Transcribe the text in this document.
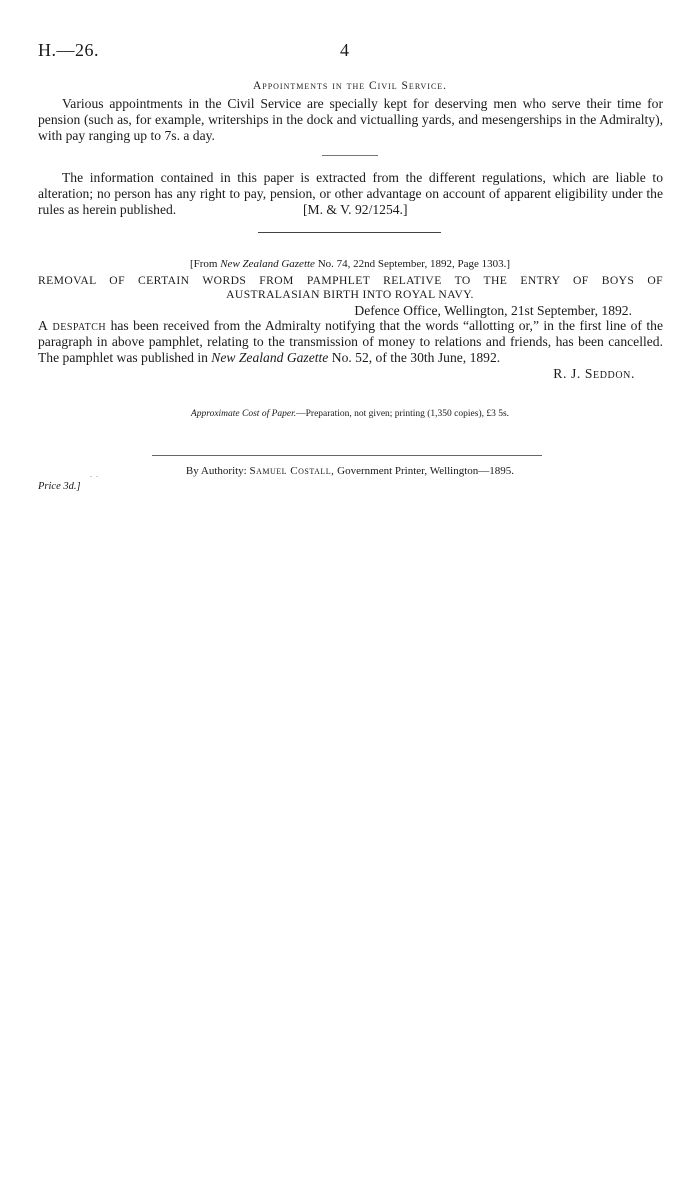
H.—26.	4
Appointments in the Civil Service.
Various appointments in the Civil Service are specially kept for deserving men who serve their time for pension (such as, for example, writerships in the dock and victualling yards, and mesengerships in the Admiralty), with pay ranging up to 7s. a day.
The information contained in this paper is extracted from the different regulations, which are liable to alteration; no person has any right to pay, pension, or other advantage on account of apparent eligibility under the rules as herein published.	[M. & V. 92/1254.]
[From New Zealand Gazette No. 74, 22nd September, 1892, Page 1303.]
REMOVAL OF CERTAIN WORDS FROM PAMPHLET RELATIVE TO THE ENTRY OF BOYS OF
AUSTRALASIAN BIRTH INTO ROYAL NAVY.
Defence Office, Wellington, 21st September, 1892.
A despatch has been received from the Admiralty notifying that the words “allotting or,” in the first line of the paragraph in above pamphlet, relating to the transmission of money to relations and friends, has been cancelled. The pamphlet was published in New Zealand Gazette No. 52, of the 30th June, 1892.
R. J. Seddon.
Approximate Cost of Paper.—Preparation, not given; printing (1,350 copies), £3 5s.
.  .	By Authority: Samuel Costall, Government Printer, Wellington—1895.
Price 3d.]
